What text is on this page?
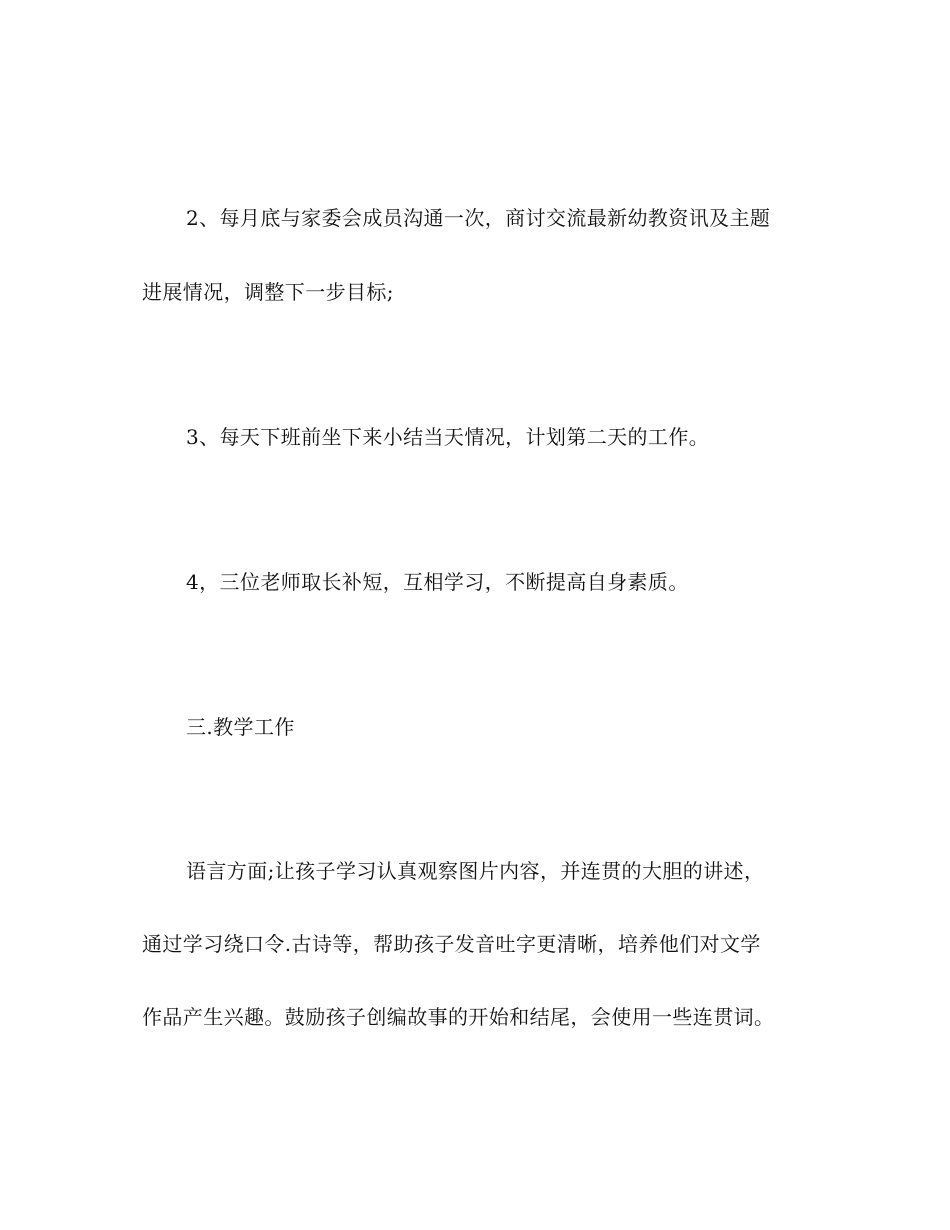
2、每月底与家委会成员沟通一次，商讨交流最新幼教资讯及主题
进展情况，调整下一步目标;
3、每天下班前坐下来小结当天情况，计划第二天的工作。
4，三位老师取长补短，互相学习，不断提高自身素质。
三.教学工作
语言方面;让孩子学习认真观察图片内容，并连贯的大胆的讲述，
通过学习绕口令.古诗等，帮助孩子发音吐字更清晰，培养他们对文学
作品产生兴趣。鼓励孩子创编故事的开始和结尾，会使用一些连贯词。
